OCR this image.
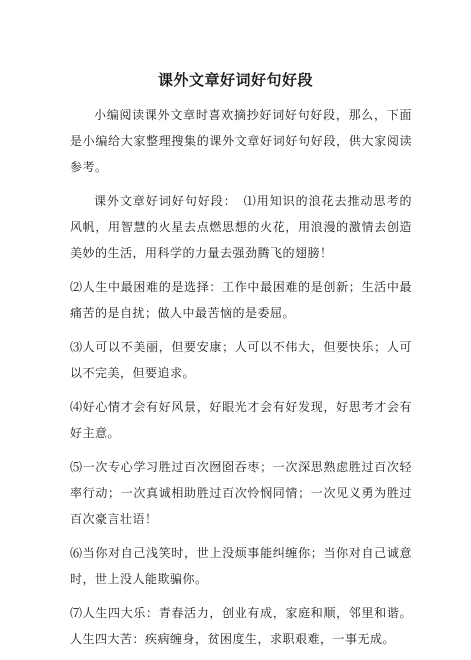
课外文章好词好句好段

小编阅读课外文章时喜欢摘抄好词好句好段，那么，下面是小编给大家整理搜集的课外文章好词好句好段，供大家阅读参考。

课外文章好词好句好段：　⑴用知识的浪花去推动思考的风帆，用智慧的火星去点燃思想的火花，用浪漫的激情去创造美妙的生活，用科学的力量去强劲腾飞的翅膀！

⑵人生中最困难的是选择：工作中最困难的是创新；生活中最痛苦的是自扰；做人中最苦恼的是委屈。

⑶人可以不美丽，但要安康；人可以不伟大，但要快乐；人可以不完美，但要追求。

⑷好心情才会有好风景，好眼光才会有好发现，好思考才会有好主意。

⑸一次专心学习胜过百次囫囵吞枣；一次深思熟虑胜过百次轻率行动；一次真诚相助胜过百次怜悯同情；一次见义勇为胜过百次豪言壮语！

⑹当你对自己浅笑时，世上没烦事能纠缠你；当你对自己诚意时，世上没人能欺骗你。

⑺人生四大乐：青春活力，创业有成，家庭和顺，邻里和谐。人生四大苦：疾病缠身，贫困度生，求职艰难，一事无成。
